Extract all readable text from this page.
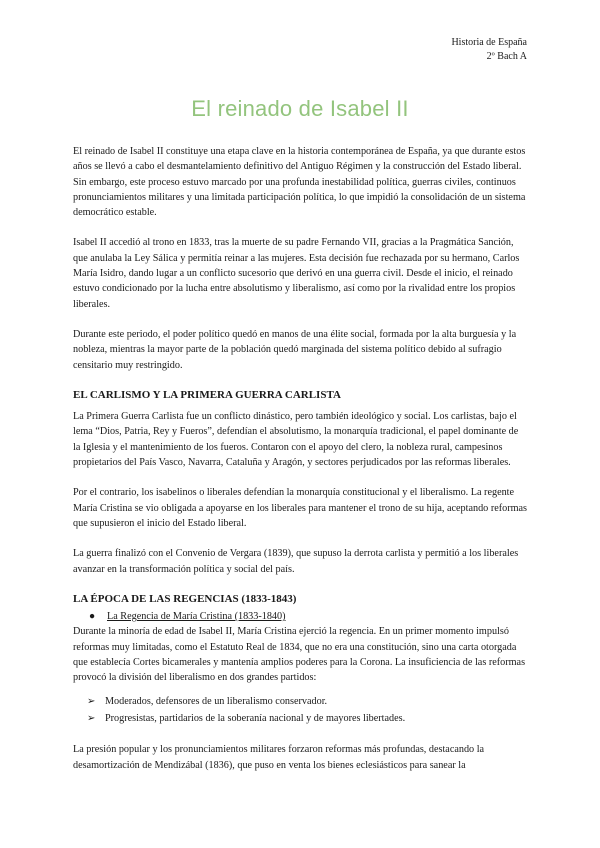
Historia de España
2º Bach A
El reinado de Isabel II

El reinado de Isabel II constituye una etapa clave en la historia contemporánea de España, ya que durante estos años se llevó a cabo el desmantelamiento definitivo del Antiguo Régimen y la construcción del Estado liberal. Sin embargo, este proceso estuvo marcado por una profunda inestabilidad política, guerras civiles, continuos pronunciamientos militares y una limitada participación política, lo que impidió la consolidación de un sistema democrático estable.

Isabel II accedió al trono en 1833, tras la muerte de su padre Fernando VII, gracias a la Pragmática Sanción, que anulaba la Ley Sálica y permitía reinar a las mujeres. Esta decisión fue rechazada por su hermano, Carlos María Isidro, dando lugar a un conflicto sucesorio que derivó en una guerra civil. Desde el inicio, el reinado estuvo condicionado por la lucha entre absolutismo y liberalismo, así como por la rivalidad entre los propios liberales.

Durante este periodo, el poder político quedó en manos de una élite social, formada por la alta burguesía y la nobleza, mientras la mayor parte de la población quedó marginada del sistema político debido al sufragio censitario muy restringido.

EL CARLISMO Y LA PRIMERA GUERRA CARLISTA

La Primera Guerra Carlista fue un conflicto dinástico, pero también ideológico y social. Los carlistas, bajo el lema “Dios, Patria, Rey y Fueros”, defendían el absolutismo, la monarquía tradicional, el papel dominante de la Iglesia y el mantenimiento de los fueros. Contaron con el apoyo del clero, la nobleza rural, campesinos propietarios del País Vasco, Navarra, Cataluña y Aragón, y sectores perjudicados por las reformas liberales.

Por el contrario, los isabelinos o liberales defendían la monarquía constitucional y el liberalismo. La regente María Cristina se vio obligada a apoyarse en los liberales para mantener el trono de su hija, aceptando reformas que supusieron el inicio del Estado liberal.

La guerra finalizó con el Convenio de Vergara (1839), que supuso la derrota carlista y permitió a los liberales avanzar en la transformación política y social del país.

LA ÉPOCA DE LAS REGENCIAS (1833-1843)
● La Regencia de María Cristina (1833-1840)

Durante la minoría de edad de Isabel II, María Cristina ejerció la regencia. En un primer momento impulsó reformas muy limitadas, como el Estatuto Real de 1834, que no era una constitución, sino una carta otorgada que establecía Cortes bicamerales y mantenía amplios poderes para la Corona. La insuficiencia de las reformas provocó la división del liberalismo en dos grandes partidos:

➢ Moderados, defensores de un liberalismo conservador.
➢ Progresistas, partidarios de la soberanía nacional y de mayores libertades.

La presión popular y los pronunciamientos militares forzaron reformas más profundas, destacando la desamortización de Mendizábal (1836), que puso en venta los bienes eclesiásticos para sanear la
